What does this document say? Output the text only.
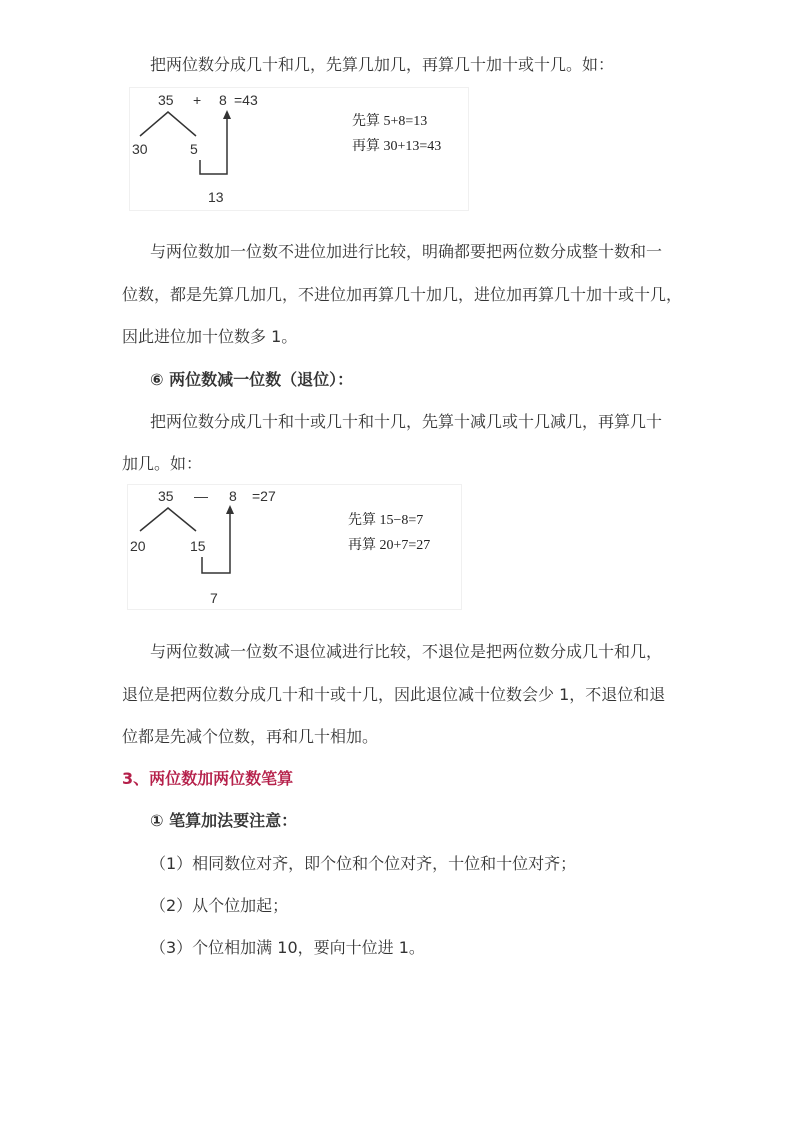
把两位数分成几十和几，先算几加几，再算几十加十或十几。如：
35 + 8 =43
30	5
13
先算 5+8=13
再算 30+13=43
与两位数加一位数不进位加进行比较，明确都要把两位数分成整十数和一
位数，都是先算几加几，不进位加再算几十加几，进位加再算几十加十或十几，
因此进位加十位数多 1。
⑥ 两位数减一位数（退位）：
把两位数分成几十和十或几十和十几，先算十减几或十几减几，再算几十
加几。如：
35 — 8 =27
20	15
7
先算 15−8=7
再算 20+7=27
与两位数减一位数不退位减进行比较，不退位是把两位数分成几十和几，
退位是把两位数分成几十和十或十几，因此退位减十位数会少 1，不退位和退
位都是先减个位数，再和几十相加。
3、两位数加两位数笔算
① 笔算加法要注意：
（1）相同数位对齐，即个位和个位对齐，十位和十位对齐；
（2）从个位加起；
（3）个位相加满 10，要向十位进 1。
